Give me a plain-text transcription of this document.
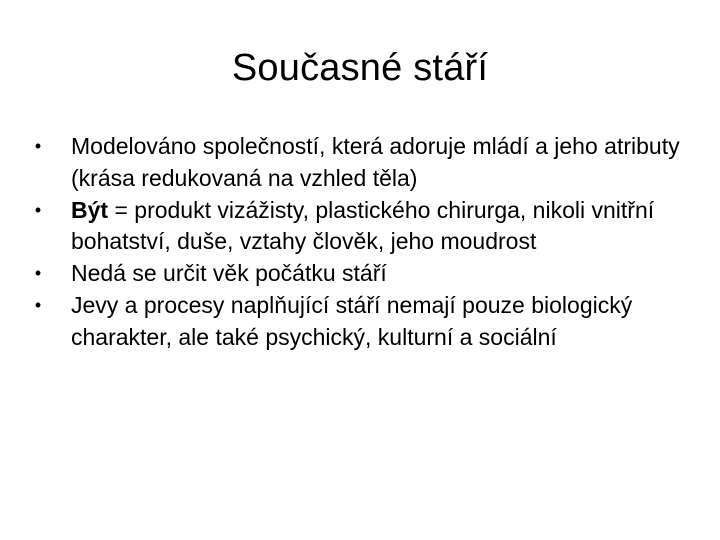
Současné stáří
• Modelováno společností, která adoruje mládí a jeho atributy (krása redukovaná na vzhled těla)
• Být = produkt vizážisty, plastického chirurga, nikoli vnitřní bohatství, duše, vztahy člověk, jeho moudrost
• Nedá se určit věk počátku stáří
• Jevy a procesy naplňující stáří nemají pouze biologický charakter, ale také psychický, kulturní a sociální
